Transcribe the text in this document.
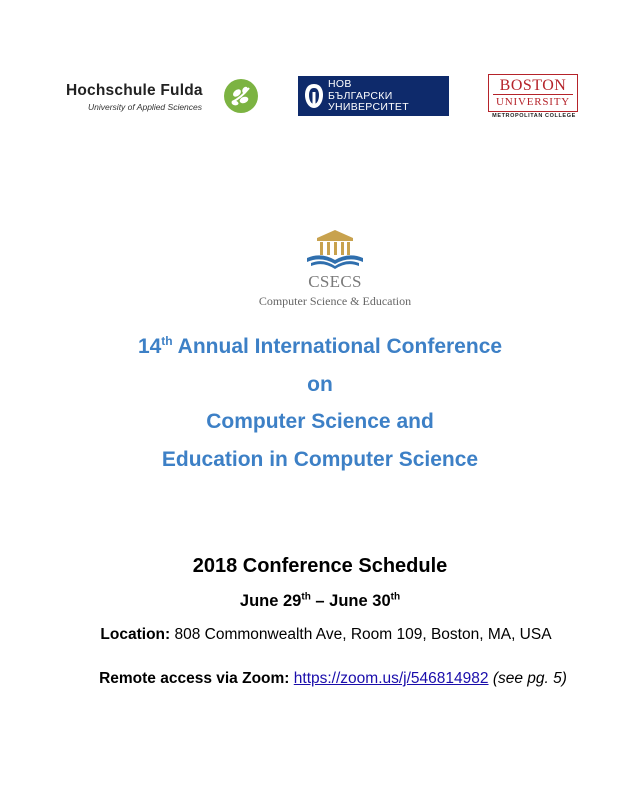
Hochschule Fulda
University of Applied Sciences
НОВ
БЪЛГАРСКИ
УНИВЕРСИТЕТ
BOSTON
UNIVERSITY
METROPOLITAN COLLEGE
CSECS
Computer Science & Education
14th Annual International Conference
on
Computer Science and
Education in Computer Science
2018 Conference Schedule
June 29th – June 30th
Location: 808 Commonwealth Ave, Room 109, Boston, MA, USA
Remote access via Zoom: https://zoom.us/j/546814982 (see pg. 5)
